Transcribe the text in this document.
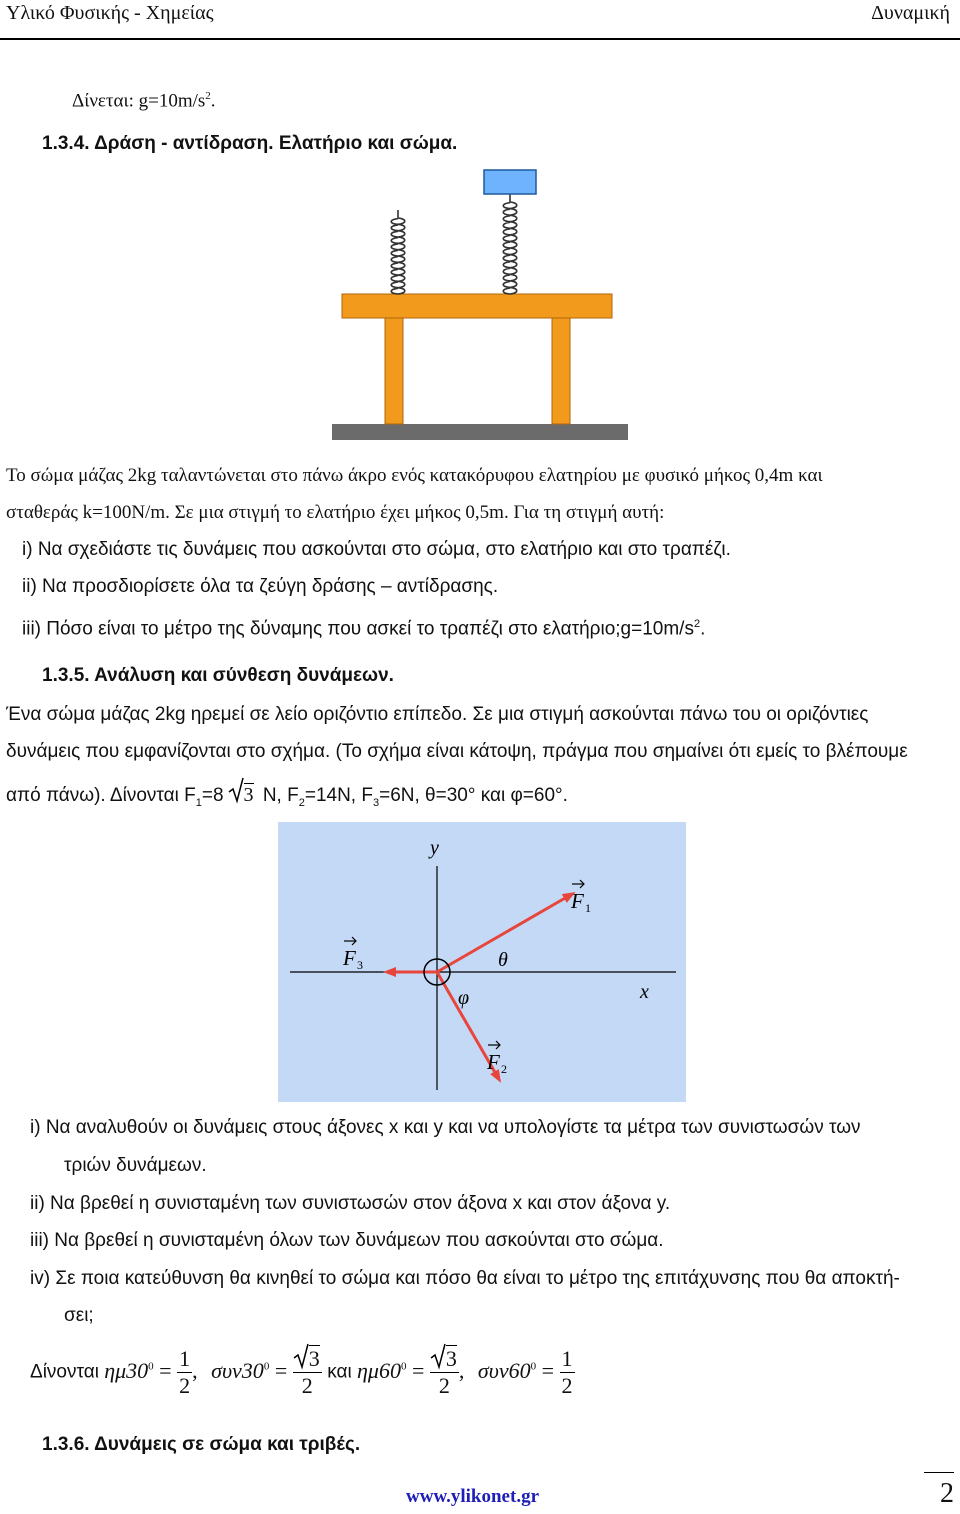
Υλικό Φυσικής - Χημείας	Δυναμική
Δίνεται: $g=10m/s^2$.
1.3.4. Δράση - αντίδραση. Ελατήριο και σώμα.
Το σώμα μάζας 2kg ταλαντώνεται στο πάνω άκρο ενός κατακόρυφου ελατηρίου με φυσικό μήκος 0,4m και
σταθεράς k=100N/m. Σε μια στιγμή το ελατήριο έχει μήκος 0,5m. Για τη στιγμή αυτή:
i) Να σχεδιάστε τις δυνάμεις που ασκούνται στο σώμα, στο ελατήριο και στο τραπέζι.
ii) Να προσδιορίσετε όλα τα ζεύγη δράσης – αντίδρασης.
iii) Πόσο είναι το μέτρο της δύναμης που ασκεί το τραπέζι στο $\varepsilon\lambda\alpha\tau ή\rho\iota o;g=10m/s^2$.
1.3.5. Ανάλυση και σύνθεση δυνάμεων.
Ένα σώμα μάζας 2kg ηρεμεί σε λείο οριζόντιο επίπεδο. Σε μια στιγμή ασκούνται πάνω του οι οριζόντιες
δυνάμεις που εμφανίζονται στο σχήμα. (Το σχήμα είναι κάτοψη, πράγμα που σημαίνει ότι εμείς το βλέπουμε
από πάνω). Δίνονται $F_1=8$ 3 N, $F_2=14N$, $F_3=6N$, θ=30° και φ=60°.
y
x
θ
φ
F 1
F 3
F 2
i) Να αναλυθούν οι δυνάμεις στους άξονες x και y και να υπολογίστε τα μέτρα των συνιστωσών των
τριών δυνάμεων.
ii) Να βρεθεί η συνισταμένη των συνιστωσών στον άξονα x και στον άξονα y.
iii) Να βρεθεί η συνισταμένη όλων των δυνάμεων που ασκούνται στο σώμα.
iv) Σε ποια κατεύθυνση θα κινηθεί το σώμα και πόσο θα είναι το μέτρο της επιτάχυνσης που θα αποκτή-
σει;
Δίνονται $\eta\mu 30^0 = \frac{1}{2}$ , $\sigma\upsilon\nu 30^0 = \frac{3}{2}$ και $\eta\mu 60^0 = \frac{3}{2}$ , $\sigma\upsilon\nu 60^0 = \frac{1}{2}$
1.3.6. Δυνάμεις σε σώμα και τριβές.
www.ylikonet.gr	2
